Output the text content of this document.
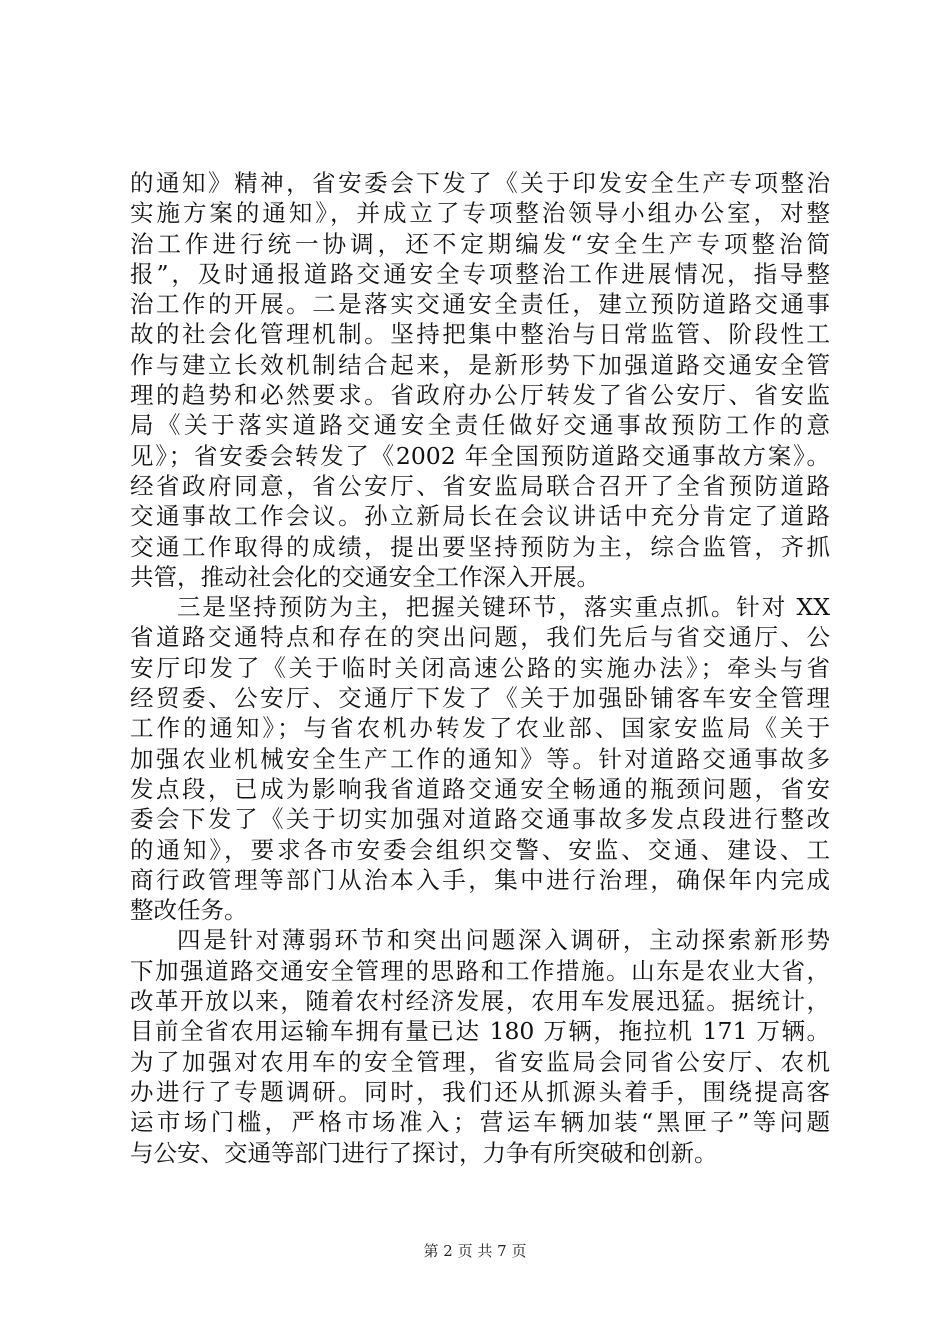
的通知》精神，省安委会下发了《关于印发安全生产专项整治
实施方案的通知》，并成立了专项整治领导小组办公室，对整
治工作进行统一协调，还不定期编发“安全生产专项整治简
报”，及时通报道路交通安全专项整治工作进展情况，指导整
治工作的开展。二是落实交通安全责任，建立预防道路交通事
故的社会化管理机制。坚持把集中整治与日常监管、阶段性工
作与建立长效机制结合起来，是新形势下加强道路交通安全管
理的趋势和必然要求。省政府办公厅转发了省公安厅、省安监
局《关于落实道路交通安全责任做好交通事故预防工作的意
见》；省安委会转发了《2002 年全国预防道路交通事故方案》。
经省政府同意，省公安厅、省安监局联合召开了全省预防道路
交通事故工作会议。孙立新局长在会议讲话中充分肯定了道路
交通工作取得的成绩，提出要坚持预防为主，综合监管，齐抓
共管，推动社会化的交通安全工作深入开展。
三是坚持预防为主，把握关键环节，落实重点抓。针对 XX
省道路交通特点和存在的突出问题，我们先后与省交通厅、公
安厅印发了《关于临时关闭高速公路的实施办法》；牵头与省
经贸委、公安厅、交通厅下发了《关于加强卧铺客车安全管理
工作的通知》；与省农机办转发了农业部、国家安监局《关于
加强农业机械安全生产工作的通知》等。针对道路交通事故多
发点段，已成为影响我省道路交通安全畅通的瓶颈问题，省安
委会下发了《关于切实加强对道路交通事故多发点段进行整改
的通知》，要求各市安委会组织交警、安监、交通、建设、工
商行政管理等部门从治本入手，集中进行治理，确保年内完成
整改任务。
四是针对薄弱环节和突出问题深入调研，主动探索新形势
下加强道路交通安全管理的思路和工作措施。山东是农业大省，
改革开放以来，随着农村经济发展，农用车发展迅猛。据统计，
目前全省农用运输车拥有量已达 180 万辆，拖拉机 171 万辆。
为了加强对农用车的安全管理，省安监局会同省公安厅、农机
办进行了专题调研。同时，我们还从抓源头着手，围绕提高客
运市场门槛，严格市场准入；营运车辆加装“黑匣子”等问题
与公安、交通等部门进行了探讨，力争有所突破和创新。
第 2 页 共 7 页
